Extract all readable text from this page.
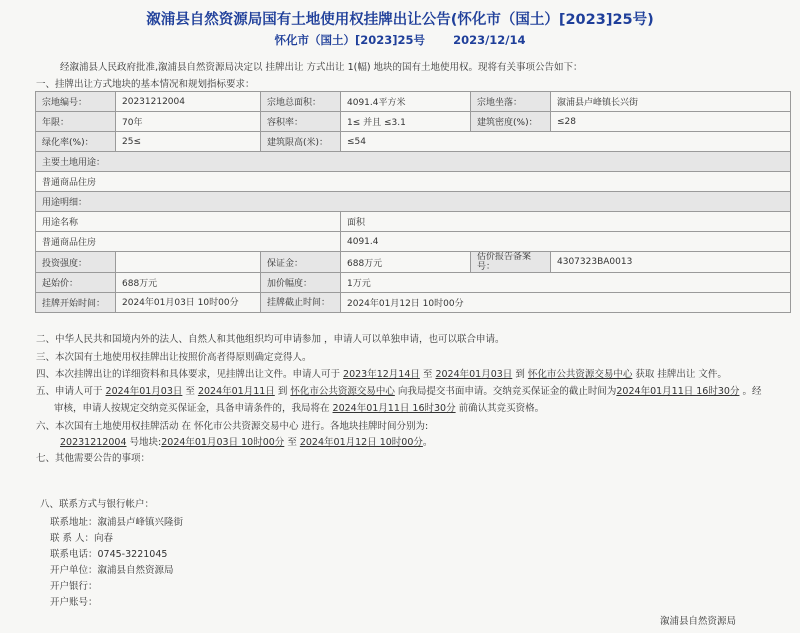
溆浦县自然资源局国有土地使用权挂牌出让公告(怀化市（国土）[2023]25号)
怀化市（国土）[2023]25号 2023/12/14
经溆浦县人民政府批准,溆浦县自然资源局决定以 挂牌出让 方式出让 1(幅) 地块的国有土地使用权。现将有关事项公告如下：
一、挂牌出让方式地块的基本情况和规划指标要求：
宗地编号：	20231212004	宗地总面积：	4091.4平方米	宗地坐落：	溆浦县卢峰镇长兴街
年限：	70年	容积率：	1≤ 并且 ≤3.1	建筑密度(%)：	≤28
绿化率(%)：	25≤	建筑限高(米)：	≤54		
主要土地用途：					
普通商品住房					
用途明细：					
用途名称			面积		
普通商品住房			4091.4		
投资强度：		保证金：	688万元	估价报告备案号：	4307323BA0013
起始价：	688万元	加价幅度：	1万元		
挂牌开始时间：	2024年01月03日 10时00分	挂牌截止时间：	2024年01月12日 10时00分		
二、中华人民共和国境内外的法人、自然人和其他组织均可申请参加 ，申请人可以单独申请，也可以联合申请。
三、本次国有土地使用权挂牌出让按照价高者得原则确定竞得人。
四、本次挂牌出让的详细资料和具体要求，见挂牌出让文件。申请人可于 2023年12月14日 至 2024年01月03日 到 怀化市公共资源交易中心 获取 挂牌出让 文件。
五、申请人可于 2024年01月03日 至 2024年01月11日 到 怀化市公共资源交易中心 向我局提交书面申请。交纳竞买保证金的截止时间为2024年01月11日 16时30分 。经
审核，申请人按规定交纳竞买保证金，具备申请条件的，我局将在 2024年01月11日 16时30分 前确认其竞买资格。
六、本次国有土地使用权挂牌活动 在 怀化市公共资源交易中心 进行。各地块挂牌时间分别为:
20231212004 号地块:2024年01月03日 10时00分 至 2024年01月12日 10时00分。
七、其他需要公告的事项：
八、联系方式与银行帐户：
联系地址：溆浦县卢峰镇兴隆街
联 系 人：向春
联系电话：0745-3221045
开户单位：溆浦县自然资源局
开户银行：
开户账号：
溆浦县自然资源局
